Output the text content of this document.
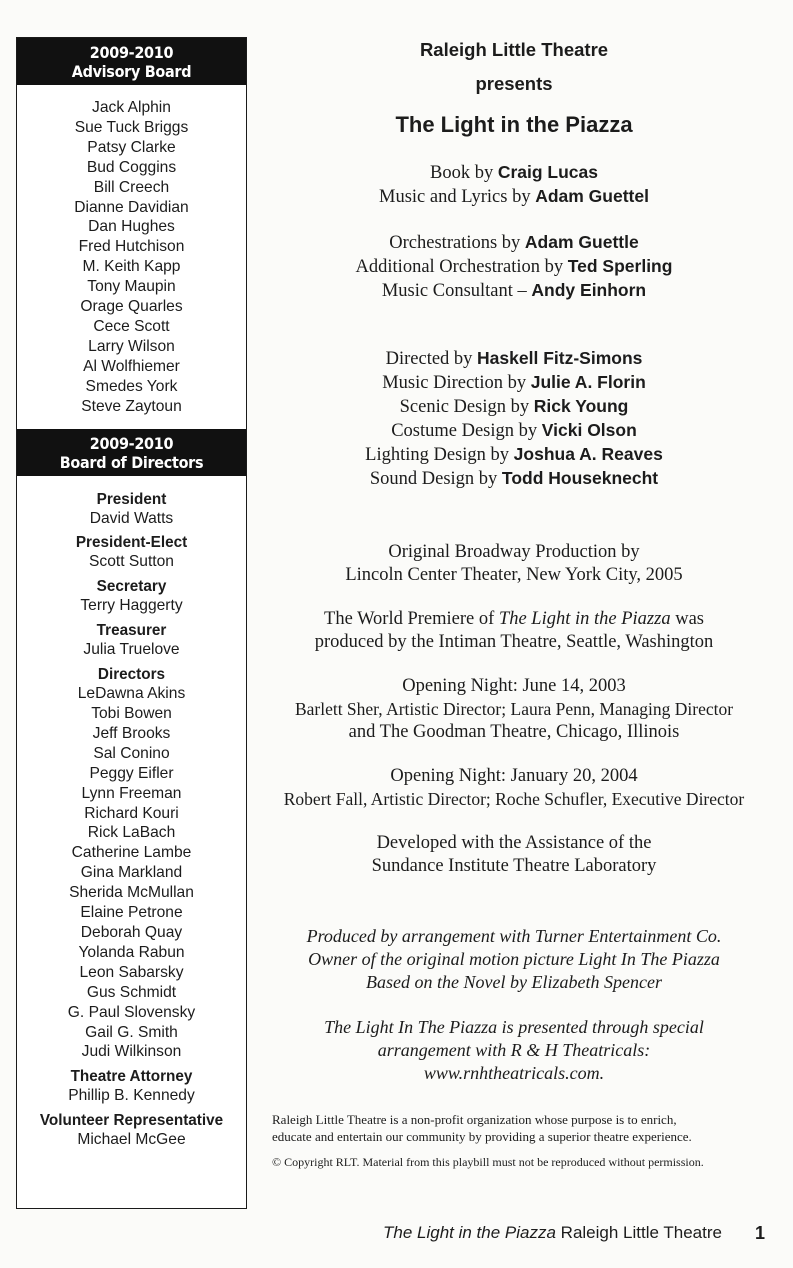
2009-2010
Advisory Board
Jack Alphin
Sue Tuck Briggs
Patsy Clarke
Bud Coggins
Bill Creech
Dianne Davidian
Dan Hughes
Fred Hutchison
M. Keith Kapp
Tony Maupin
Orage Quarles
Cece Scott
Larry Wilson
Al Wolfhiemer
Smedes York
Steve Zaytoun
2009-2010
Board of Directors
President
David Watts
President-Elect
Scott Sutton
Secretary
Terry Haggerty
Treasurer
Julia Truelove
Directors
LeDawna Akins
Tobi Bowen
Jeff Brooks
Sal Conino
Peggy Eifler
Lynn Freeman
Richard Kouri
Rick LaBach
Catherine Lambe
Gina Markland
Sherida McMullan
Elaine Petrone
Deborah Quay
Yolanda Rabun
Leon Sabarsky
Gus Schmidt
G. Paul Slovensky
Gail G. Smith
Judi Wilkinson
Theatre Attorney
Phillip B. Kennedy
Volunteer Representative
Michael McGee
Raleigh Little Theatre
presents
The Light in the Piazza
Book by Craig Lucas
Music and Lyrics by Adam Guettel
Orchestrations by Adam Guettle
Additional Orchestration by Ted Sperling
Music Consultant – Andy Einhorn
Directed by Haskell Fitz-Simons
Music Direction by Julie A. Florin
Scenic Design by Rick Young
Costume Design by Vicki Olson
Lighting Design by Joshua A. Reaves
Sound Design by Todd Houseknecht
Original Broadway Production by
Lincoln Center Theater, New York City, 2005
The World Premiere of The Light in the Piazza was
produced by the Intiman Theatre, Seattle, Washington
Opening Night: June 14, 2003
Barlett Sher, Artistic Director; Laura Penn, Managing Director
and The Goodman Theatre, Chicago, Illinois
Opening Night: January 20, 2004
Robert Fall, Artistic Director; Roche Schufler, Executive Director
Developed with the Assistance of the
Sundance Institute Theatre Laboratory
Produced by arrangement with Turner Entertainment Co.
Owner of the original motion picture Light In The Piazza
Based on the Novel by Elizabeth Spencer
The Light In The Piazza is presented through special
arrangement with R & H Theatricals:
www.rnhtheatricals.com.
Raleigh Little Theatre is a non-profit organization whose purpose is to enrich,
educate and entertain our community by providing a superior theatre experience.
© Copyright RLT. Material from this playbill must not be reproduced without permission.
The Light in the Piazza Raleigh Little Theatre 1
